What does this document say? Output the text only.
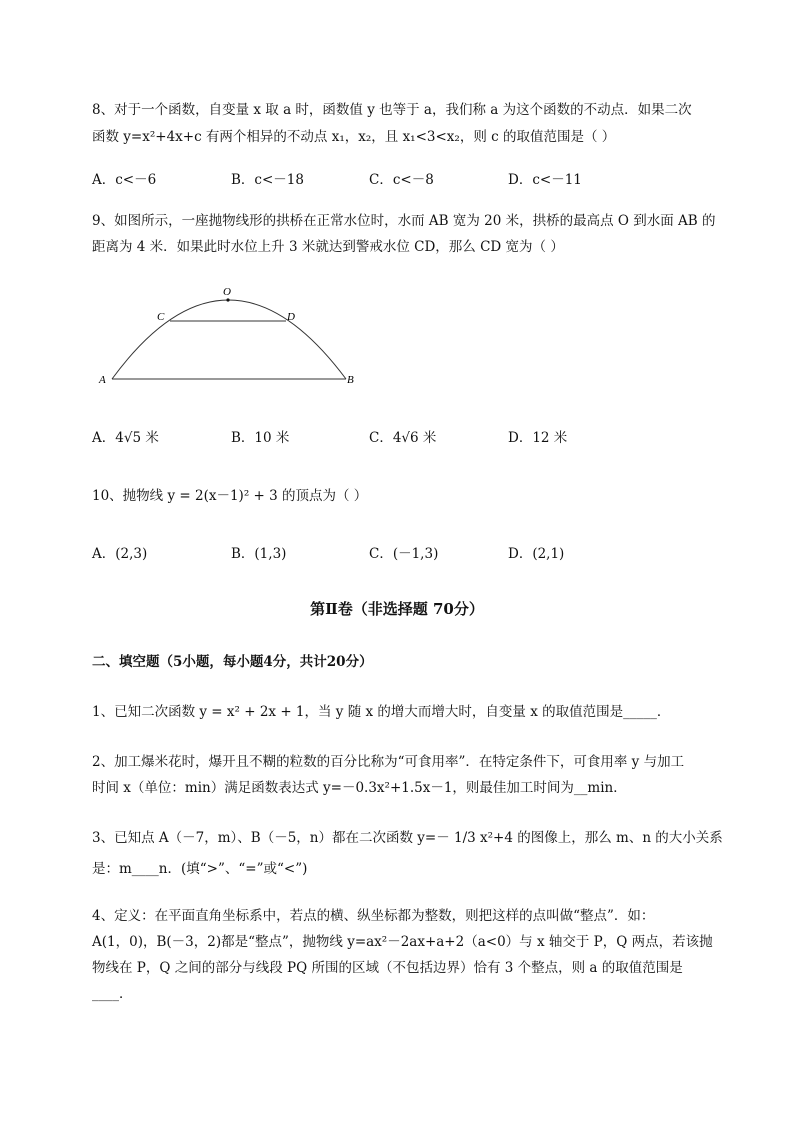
8、对于一个函数，自变量 x 取 a 时，函数值 y 也等于 a，我们称 a 为这个函数的不动点．如果二次
函数 y=x²+4x+c 有两个相异的不动点 x₁，x₂，且 x₁<3<x₂，则 c 的取值范围是（ ）
A．c<－6	B．c<－18	C．c<－8	D．c<－11
9、如图所示，一座抛物线形的拱桥在正常水位时，水而 AB 宽为 20 米，拱桥的最高点 O 到水面 AB 的
距离为 4 米．如果此时水位上升 3 米就达到警戒水位 CD，那么 CD 宽为（ ）
O
C	D
A	B
A．4√5 米	B．10 米	C．4√6 米	D．12 米
10、抛物线 y = 2(x－1)² + 3 的顶点为（ ）
A．(2,3)	B．(1,3)	C．(－1,3)	D．(2,1)
第Ⅱ卷（非选择题 70分）
二、填空题（5小题，每小题4分，共计20分）
1、已知二次函数 y = x² + 2x + 1，当 y 随 x 的增大而增大时，自变量 x 的取值范围是_____．
2、加工爆米花时，爆开且不糊的粒数的百分比称为“可食用率”．在特定条件下，可食用率 y 与加工
时间 x（单位：min）满足函数表达式 y=－0.3x²+1.5x－1，则最佳加工时间为__min．
3、已知点 A（－7，m）、B（－5，n）都在二次函数 y=－ 1/3 x²+4 的图像上，那么 m、n 的大小关系
是：m____n．(填“>”、“=”或“<”)
4、定义：在平面直角坐标系中，若点的横、纵坐标都为整数，则把这样的点叫做“整点”．如：
A(1，0)，B(－3，2)都是“整点”，抛物线 y=ax²－2ax+a+2（a<0）与 x 轴交于 P，Q 两点，若该抛
物线在 P，Q 之间的部分与线段 PQ 所围的区域（不包括边界）恰有 3 个整点，则 a 的取值范围是
____．
